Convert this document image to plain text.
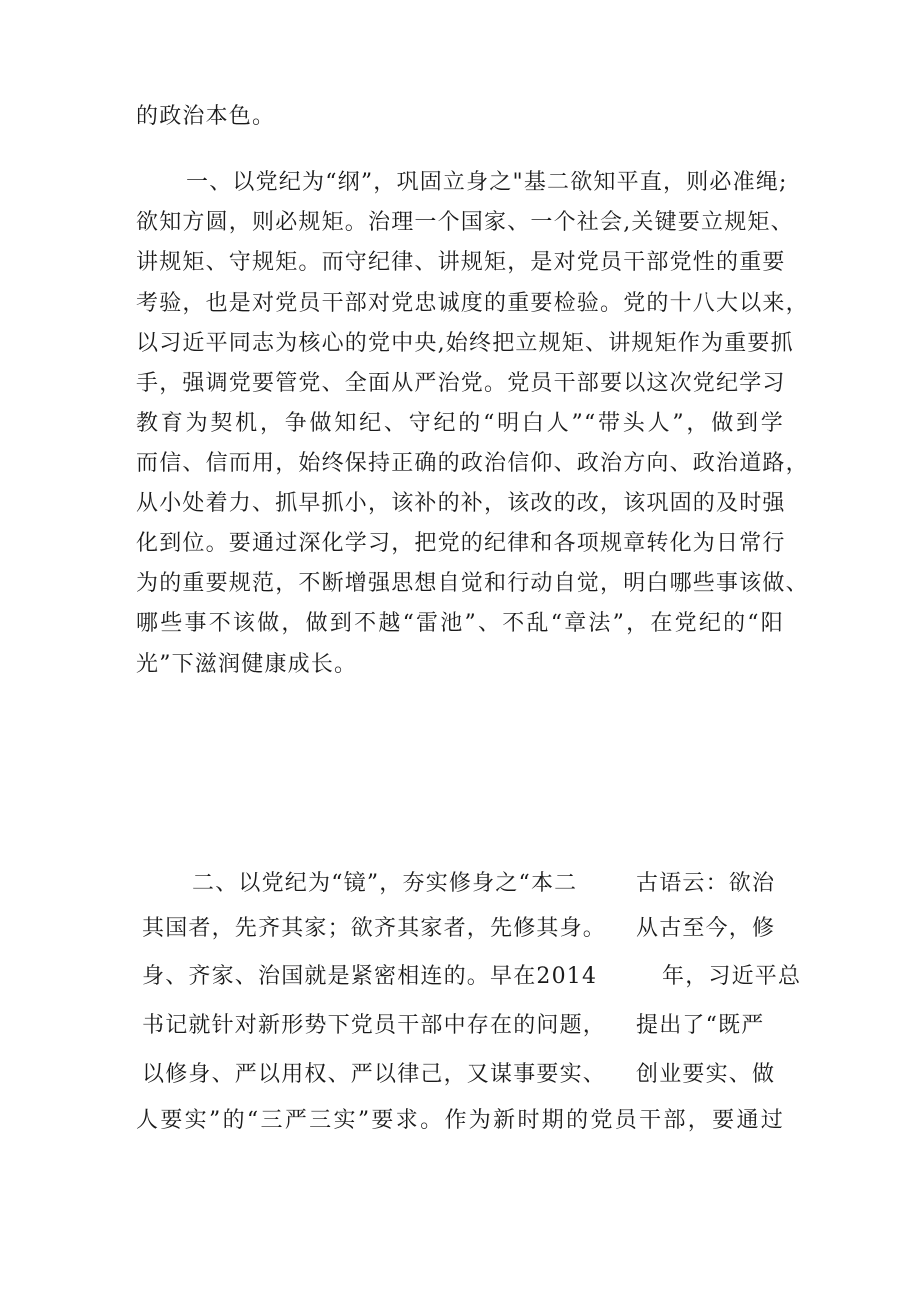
的政治本色。
一、以党纪为“纲”，巩固立身之"基二欲知平直，则必准绳;
欲知方圆，则必规矩。治理一个国家、一个社会,关键要立规矩、
讲规矩、守规矩。而守纪律、讲规矩，是对党员干部党性的重要
考验，也是对党员干部对党忠诚度的重要检验。党的十八大以来，
以习近平同志为核心的党中央,始终把立规矩、讲规矩作为重要抓
手，强调党要管党、全面从严治党。党员干部要以这次党纪学习
教育为契机，争做知纪、守纪的“明白人”“带头人”，做到学
而信、信而用，始终保持正确的政治信仰、政治方向、政治道路，
从小处着力、抓早抓小，该补的补，该改的改，该巩固的及时强
化到位。要通过深化学习，把党的纪律和各项规章转化为日常行
为的重要规范，不断增强思想自觉和行动自觉，明白哪些事该做、
哪些事不该做，做到不越“雷池”、不乱“章法”，在党纪的“阳
光”下滋润健康成长。
二、以党纪为“镜”，夯实修身之“本二	古语云：欲治
其国者，先齐其家；欲齐其家者，先修其身。 从古至今，修
身、齐家、治国就是紧密相连的。早在2014	年，习近平总
书记就针对新形势下党员干部中存在的问题， 提出了“既严
以修身、严以用权、严以律己，又谋事要实、 创业要实、做
人要实”的“三严三实”要求。作为新时期的党员干部，要通过
